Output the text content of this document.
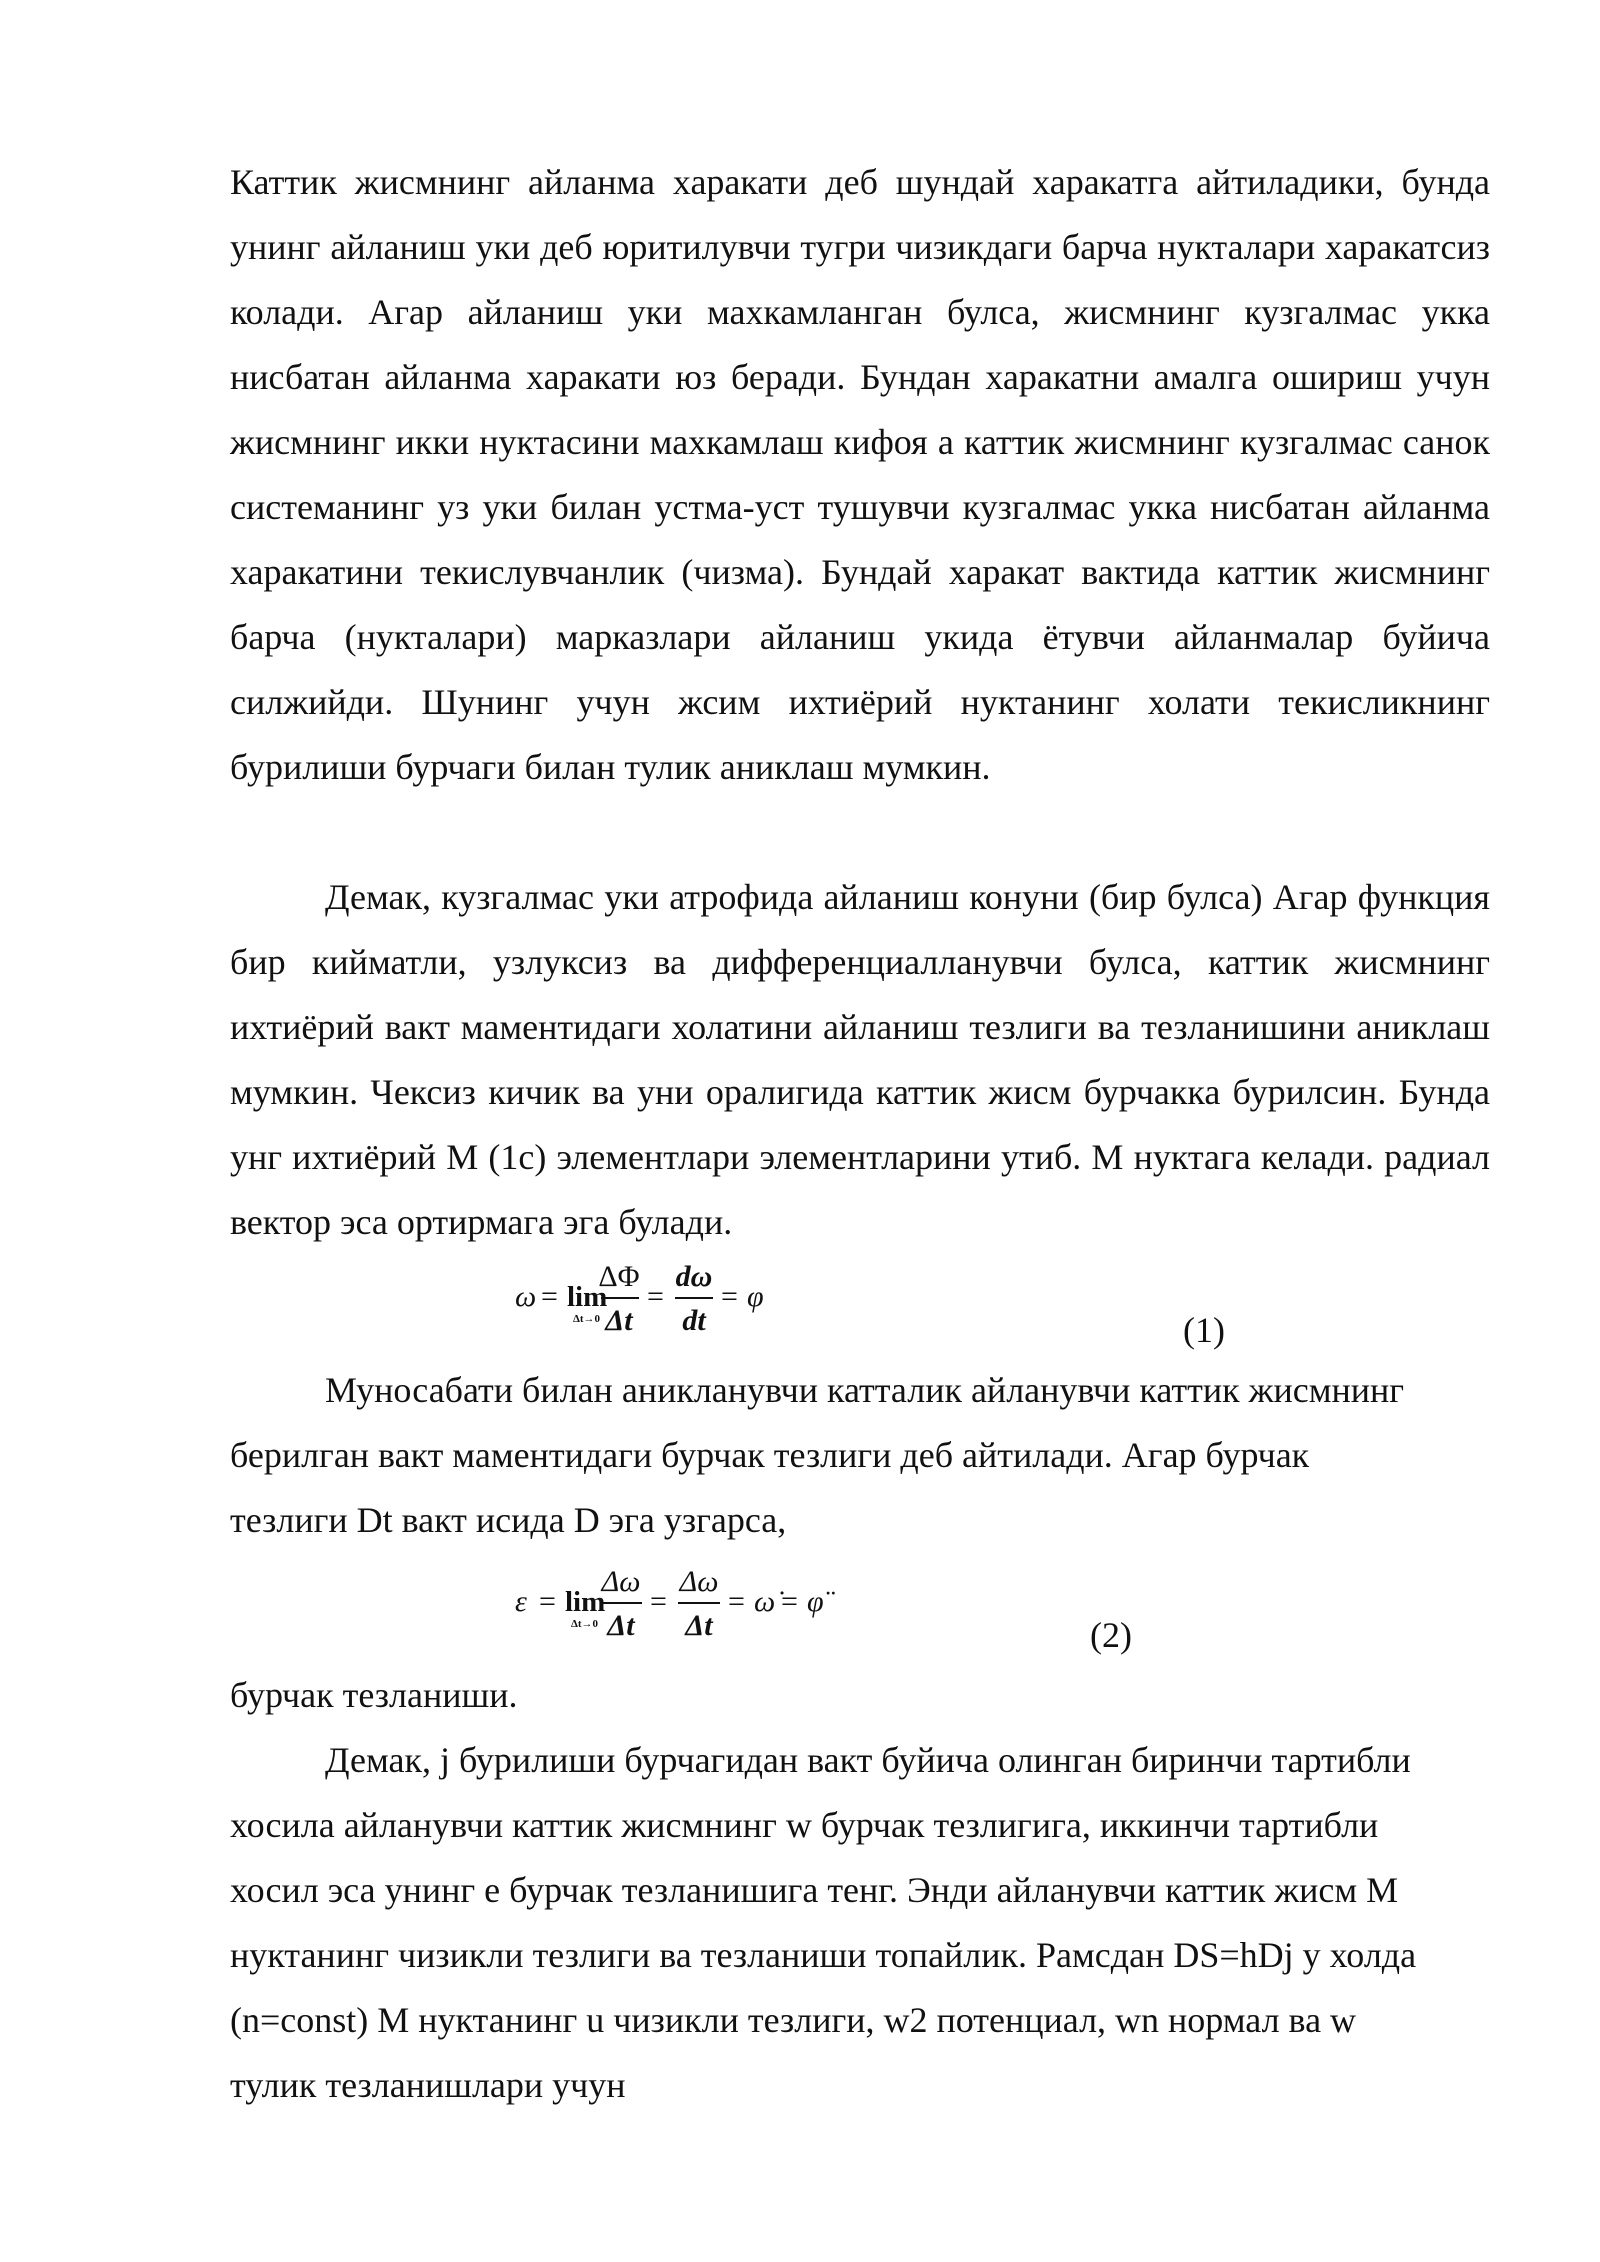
Каттик жисмнинг айланма харакати деб шундай харакатга айтиладики, бунда унинг айланиш уки деб юритилувчи тугри чизикдаги барча нукталари харакатсиз колади. Агар айланиш уки махкамланган булса, жисмнинг кузгалмас укка нисбатан айланма харакати юз беради. Бундан харакатни амалга ошириш учун жисмнинг икки нуктасини махкамлаш кифоя а каттик жисмнинг кузгалмас санок системанинг уз уки билан устма-уст тушувчи кузгалмас укка нисбатан айланма харакатини текислувчанлик (чизма). Бундай харакат вактида каттик жисмнинг барча (нукталари) марказлари айланиш укида ётувчи айланмалар буйича силжийди. Шунинг учун жсим ихтиёрий нуктанинг холати текисликнинг бурилиши бурчаги билан тулик аниклаш мумкин.

Демак, кузгалмас уки атрофида айланиш конуни (бир булса) Агар функция бир кийматли, узлуксиз ва дифференциалланувчи булса, каттик жисмнинг ихтиёрий вакт маментидаги холатини айланиш тезлиги ва тезланишини аниклаш мумкин. Чексиз кичик ва уни оралигида каттик жисм бурчакка бурилсин. Бунда унг ихтиёрий М (1с) элементлари элементларини утиб. М нуктага келади. радиал вектор эса ортирмага эга булади.

ω = lim
Δt→0
ΔΦ
Δt
=
dω
dt
= φ
(1)

Муносабати билан аникланувчи катталик айланувчи каттик жисмнинг

берилган вакт маментидаги бурчак тезлиги деб айтилади. Агар бурчак

тезлиги Dt вакт исида D эга узгарса,

ε = lim
Δt→0
Δω
Δt
=
Δω
Δt
= ω̇ = φ̈
(2)

бурчак тезланиши.

Демак, j бурилиши бурчагидан вакт буйича олинган биринчи тартибли

хосила айланувчи каттик жисмнинг w бурчак тезлигига, иккинчи тартибли

хосил эса унинг е бурчак тезланишига тенг. Энди айланувчи каттик жисм М

нуктанинг чизикли тезлиги ва тезланиши топайлик. Рамсдан DS=hDj у холда

(n=const) М нуктанинг u чизикли тезлиги, w2 потенциал, wn нормал ва w

тулик тезланишлари учун
